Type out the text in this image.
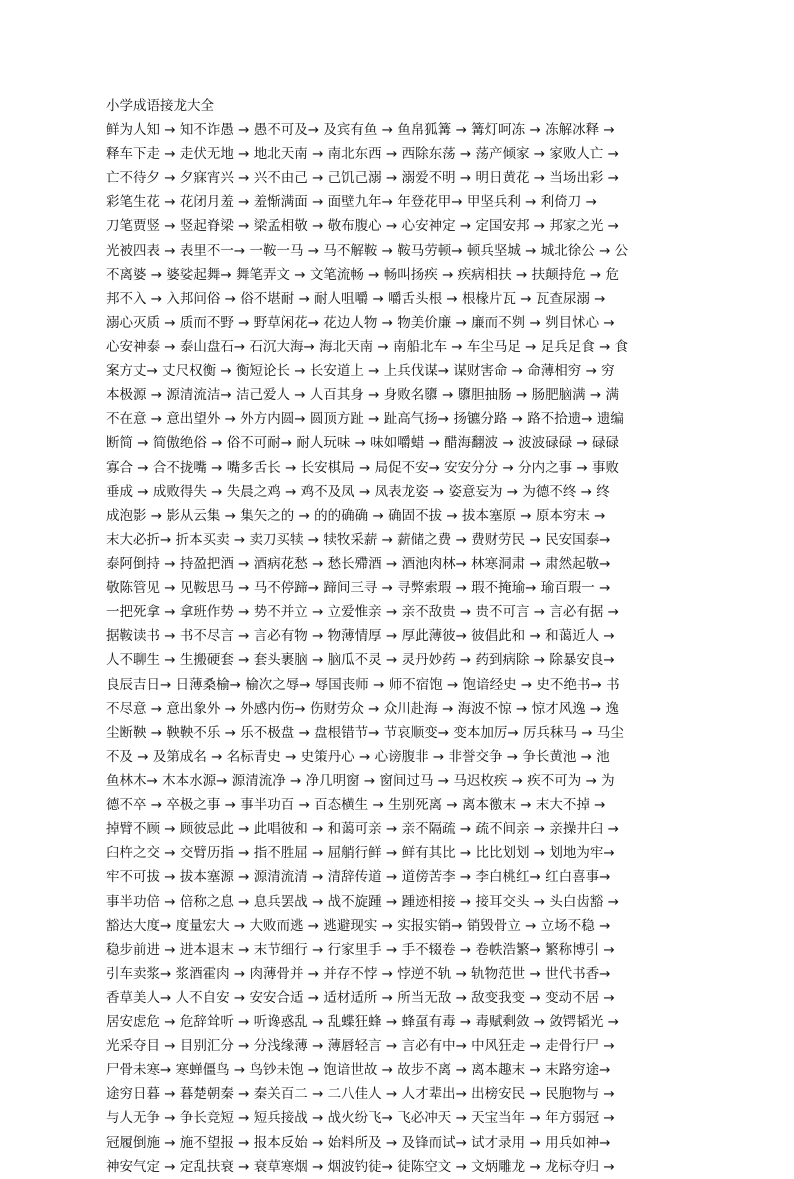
小学成语接龙大全
鲜为人知 → 知不诈愚 → 愚不可及→ 及宾有鱼 → 鱼帛狐篝 → 篝灯呵冻 → 冻解冰释 →
释车下走 → 走伏无地 → 地北天南 → 南北东西 → 西除东荡 → 荡产倾家 → 家败人亡 →
亡不待夕 → 夕寐宵兴 → 兴不由己 → 己饥己溺 → 溺爱不明 → 明日黄花 → 当场出彩 →
彩笔生花 → 花闭月羞 → 羞惭满面 → 面壁九年→ 年登花甲→ 甲坚兵利 → 利倚刀 →
刀笔贾竖 → 竖起脊梁 → 梁孟相敬 → 敬布腹心 → 心安神定 → 定国安邦 → 邦家之光 →
光被四表 → 表里不一→ 一鞍一马 → 马不解鞍 → 鞍马劳顿→ 顿兵坚城 → 城北徐公 → 公
不离婆 → 婆娑起舞→ 舞笔弄文 → 文笔流畅 → 畅叫扬疾 → 疾病相扶 → 扶颠持危 → 危
邦不入 → 入邦问俗 → 俗不堪耐 → 耐人咀嚼 → 嚼舌头根 → 根椽片瓦 → 瓦查尿溺 →
溺心灭质 → 质而不野 → 野草闲花→ 花边人物 → 物美价廉 → 廉而不刿 → 刿目怵心 →
心安神泰 → 泰山盘石→ 石沉大海→ 海北天南 → 南船北车 → 车尘马足 → 足兵足食 → 食
案方丈→ 丈尺权衡 → 衡短论长 → 长安道上 → 上兵伐谋→ 谋财害命 → 命薄相穷 → 穷
本极源 → 源清流洁→ 洁己爱人 → 人百其身 → 身败名隳 → 隳胆抽肠 → 肠肥脑满 → 满
不在意 → 意出望外 → 外方内圆→ 圆顶方趾 → 趾高气扬→ 扬镳分路 → 路不拾遗→ 遗编
断简 → 简傲绝俗 → 俗不可耐→ 耐人玩味 → 味如嚼蜡 → 醋海翻波 → 波波碌碌 → 碌碌
寡合 → 合不拢嘴 → 嘴多舌长 → 长安棋局 → 局促不安→ 安安分分 → 分内之事 → 事败
垂成 → 成败得失 → 失晨之鸡 → 鸡不及凤 → 凤表龙姿 → 姿意妄为 → 为德不终 → 终
成泡影 → 影从云集 → 集矢之的 → 的的确确 → 确固不拔 → 拔本塞原 → 原本穷末 →
末大必折→ 折本买卖 → 卖刀买犊 → 犊牧采薪 → 薪储之费 → 费财劳民 → 民安国泰→
泰阿倒持 → 持盈把酒 → 酒病花愁 → 愁长殢酒 → 酒池肉林→ 林寒洞肃 → 肃然起敬→
敬陈管见 → 见鞍思马 → 马不停蹄→ 蹄间三寻 → 寻弊索瑕 → 瑕不掩瑜→ 瑜百瑕一 →
一把死拿 → 拿班作势 → 势不并立 → 立爱惟亲 → 亲不敌贵 → 贵不可言 → 言必有据 →
据鞍读书 → 书不尽言 → 言必有物 → 物薄情厚 → 厚此薄彼→ 彼倡此和 → 和蔼近人 →
人不聊生 → 生搬硬套 → 套头裹脑 → 脑瓜不灵 → 灵丹妙药 → 药到病除 → 除暴安良→
良辰吉日→ 日薄桑榆→ 榆次之辱→ 辱国丧师 → 师不宿饱 → 饱谙经史 → 史不绝书→ 书
不尽意 → 意出象外 → 外感内伤→ 伤财劳众 → 众川赴海 → 海波不惊 → 惊才风逸 → 逸
尘断鞅 → 鞅鞅不乐 → 乐不极盘 → 盘根错节→ 节哀顺变→ 变本加厉→ 厉兵秣马 → 马尘
不及 → 及第成名 → 名标青史 → 史策丹心 → 心谤腹非 → 非誉交争 → 争长黄池 → 池
鱼林木→ 木本水源→ 源清流净 → 净几明窗 → 窗间过马 → 马迟枚疾 → 疾不可为 → 为
德不卒 → 卒极之事 → 事半功百 → 百态横生 → 生别死离 → 离本徼末 → 末大不掉 →
掉臂不顾 → 顾彼忌此 → 此唱彼和 → 和蔼可亲 → 亲不隔疏 → 疏不间亲 → 亲操井臼 →
臼杵之交 → 交臂历指 → 指不胜屈 → 屈艄行鲜 → 鲜有其比 → 比比划划 → 划地为牢→
牢不可拔 → 拔本塞源 → 源清流清 → 清辞传道 → 道傍苦李 → 李白桃红→ 红白喜事→
事半功倍 → 倍称之息 → 息兵罢战 → 战不旋踵 → 踵迹相接 → 接耳交头 → 头白齿豁 →
豁达大度→ 度量宏大 → 大败而逃 → 逃避现实 → 实报实销→ 销毁骨立 → 立场不稳 →
稳步前进 → 进本退末 → 末节细行 → 行家里手 → 手不辍卷 → 卷帙浩繁→ 繁称博引 →
引车卖浆→ 浆酒霍肉 → 肉薄骨并 → 并存不悖 → 悖逆不轨 → 轨物范世 → 世代书香→
香草美人→ 人不自安 → 安安合适 → 适材适所 → 所当无敌 → 敌变我变 → 变动不居 →
居安虑危 → 危辞耸听 → 听谗惑乱 → 乱蝶狂蜂 → 蜂虿有毒 → 毒赋剩敛 → 敛锷韬光 →
光采夺目 → 目别汇分 → 分浅缘薄 → 薄唇轻言 → 言必有中→ 中风狂走 → 走骨行尸 →
尸骨未寒→ 寒蝉僵鸟 → 鸟钞未饱 → 饱谙世故 → 故步不离 → 离本趣末 → 末路穷途→
途穷日暮 → 暮楚朝秦 → 秦关百二 → 二八佳人 → 人才辈出→ 出榜安民 → 民胞物与 →
与人无争 → 争长竞短 → 短兵接战 → 战火纷飞→ 飞必冲天 → 天宝当年 → 年方弱冠 →
冠履倒施 → 施不望报 → 报本反始 → 始料所及 → 及锋而试→ 试才录用 → 用兵如神→
神安气定 → 定乱扶衰 → 衰草寒烟 → 烟波钓徒→ 徒陈空文 → 文炳雕龙 → 龙标夺归 →
